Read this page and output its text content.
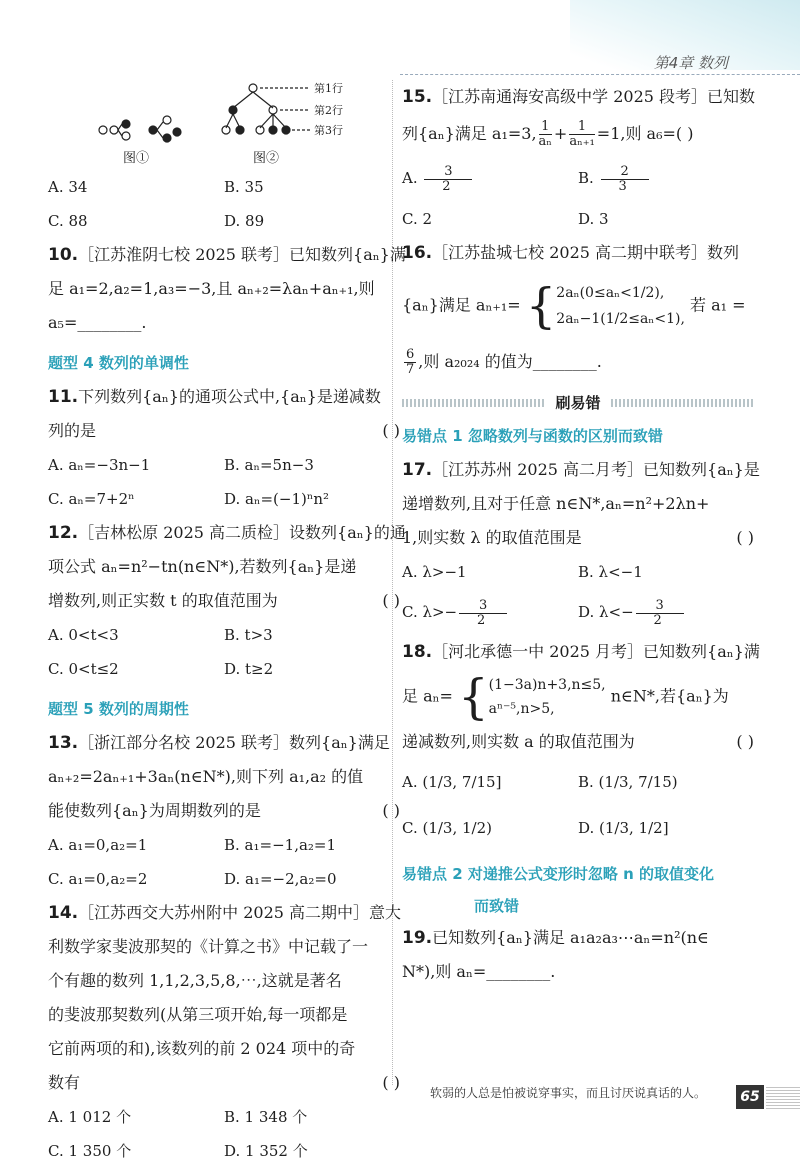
第4章 数列
第1行
第2行
第3行
图①	图②
A. 34	B. 35
C. 88	D. 89
10.［江苏淮阴七校 2025 联考］已知数列{aₙ}满
足 a₁=2,a₂=1,a₃=−3,且 aₙ₊₂=λaₙ+aₙ₊₁,则
a₅=________.
题型 4 数列的单调性
11.下列数列{aₙ}的通项公式中,{aₙ}是递减数
列的是	( )
A. aₙ=−3n−1	B. aₙ=5n−3
C. aₙ=7+2ⁿ	D. aₙ=(−1)ⁿn²
12.［吉林松原 2025 高二质检］设数列{aₙ}的通
项公式 aₙ=n²−tn(n∈N*),若数列{aₙ}是递
增数列,则正实数 t 的取值范围为	( )
A. 0<t<3	B. t>3
C. 0<t≤2	D. t≥2
题型 5 数列的周期性
13.［浙江部分名校 2025 联考］数列{aₙ}满足
aₙ₊₂=2aₙ₊₁+3aₙ(n∈N*),则下列 a₁,a₂ 的值
能使数列{aₙ}为周期数列的是	( )
A. a₁=0,a₂=1	B. a₁=−1,a₂=1
C. a₁=0,a₂=2	D. a₁=−2,a₂=0
14.［江苏西交大苏州附中 2025 高二期中］意大
利数学家斐波那契的《计算之书》中记载了一
个有趣的数列 1,1,2,3,5,8,⋯,这就是著名
的斐波那契数列(从第三项开始,每一项都是
它前两项的和),该数列的前 2 024 项中的奇
数有	( )
A. 1 012 个	B. 1 348 个
C. 1 350 个	D. 1 352 个
15.［江苏南通海安高级中学 2025 段考］已知数
列{aₙ}满足 a₁=3, $\frac{1}{\text{aₙ}} + \frac{1}{\text{aₙ₊₁}} =1$,则 a₆=( )
A. $\frac{3}{2}$	B. $\frac{2}{3}$
C. 2	D. 3
16.［江苏盐城七校 2025 高二期中联考］数列
{aₙ}满足 aₙ₊₁= { 2aₙ(0≤aₙ<1/2),
2aₙ−1(1/2≤aₙ<1),
若 a₁ =
$\frac{6}{7}$ ,则 a₂₀₂₄ 的值为________.
刷易错
易错点 1 忽略数列与函数的区别而致错
17.［江苏苏州 2025 高二月考］已知数列{aₙ}是
递增数列,且对于任意 n∈N*,aₙ=n²+2λn+
1,则实数 λ 的取值范围是	( )
A. λ>−1	B. λ<−1
C. $\lambda>- \frac{3}{2} D$. $\lambda<- \frac{3}{2}$
18.［河北承德一中 2025 月考］已知数列{aₙ}满
足 aₙ= { (1−3a)n+3,n≤5,
aⁿ⁻⁵,n>5,
n∈N*,若{aₙ}为
递减数列,则实数 a 的取值范围为	( )
A. (1/3, 7/15]	B. (1/3, 7/15)
C. (1/3, 1/2)	D. (1/3, 1/2]
易错点 2 对递推公式变形时忽略 n 的取值变化
而致错
19.已知数列{aₙ}满足 a₁a₂a₃⋯aₙ=n²(n∈
N*),则 aₙ=________.
软弱的人总是怕被说穿事实，而且讨厌说真话的人。	65
